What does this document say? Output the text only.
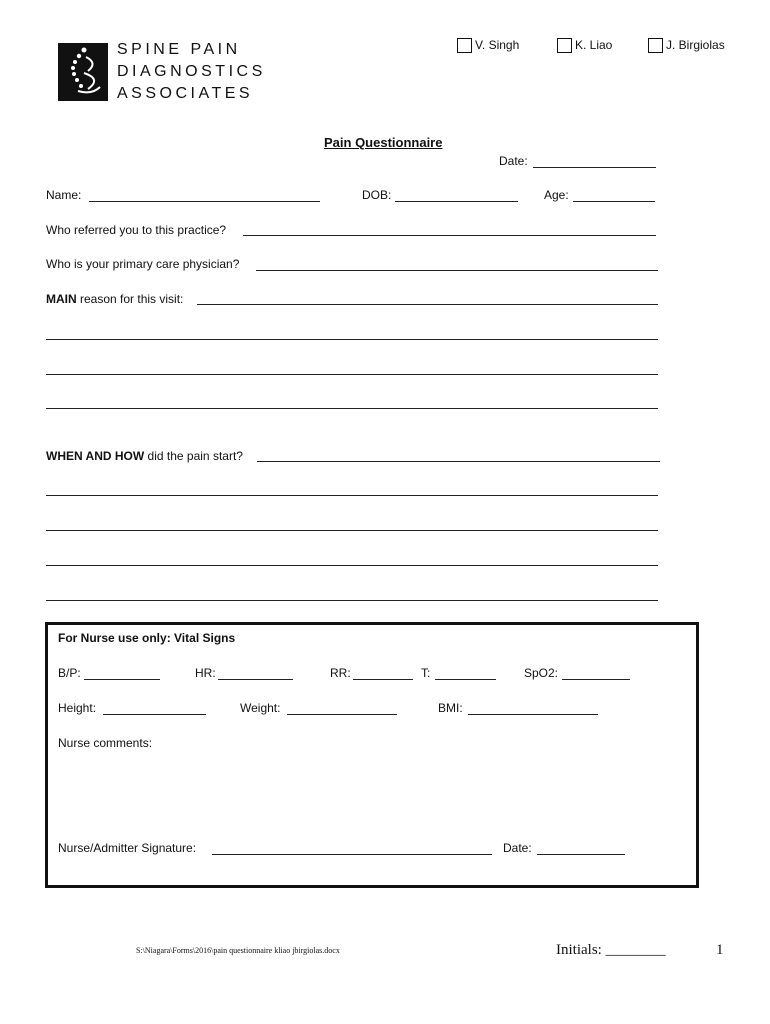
SPINE PAIN
DIAGNOSTICS
ASSOCIATES
V. Singh	K. Liao	J. Birgiolas
Pain Questionnaire
Date:
Name:	DOB:	Age:
Who referred you to this practice?
Who is your primary care physician?
MAIN reason for this visit:
WHEN AND HOW did the pain start?
For Nurse use only: Vital Signs
B/P:	HR:	RR:	T:	SpO2:
Height:	Weight:	BMI:
Nurse comments:
Nurse/Admitter Signature:	Date:
S:\Niagara\Forms\2016\pain questionnaire kliao jbirgiolas.docx	Initials: ________	1
